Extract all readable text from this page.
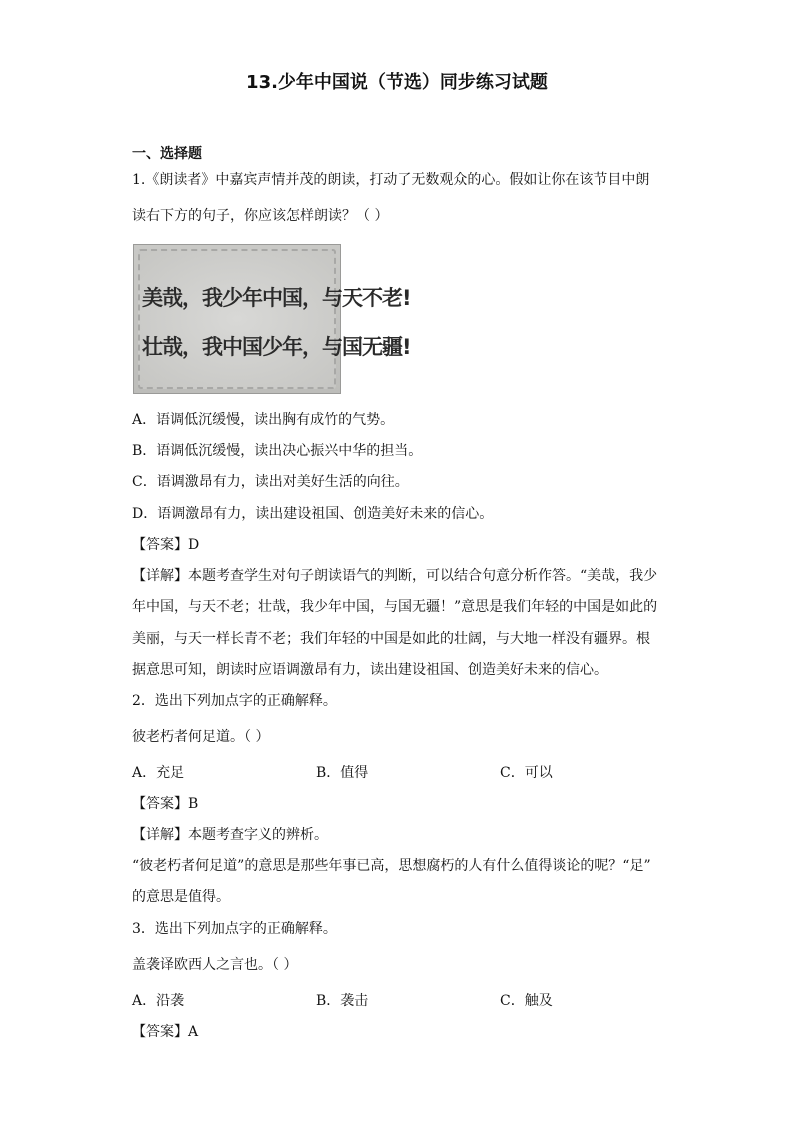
13.少年中国说（节选）同步练习试题
一、选择题
1.《朗读者》中嘉宾声情并茂的朗读，打动了无数观众的心。假如让你在该节目中朗
读右下方的句子，你应该怎样朗读？（ ）
美哉，我少年中国，与天不老!
壮哉，我中国少年，与国无疆!
A．语调低沉缓慢，读出胸有成竹的气势。
B．语调低沉缓慢，读出决心振兴中华的担当。
C．语调激昂有力，读出对美好生活的向往。
D．语调激昂有力，读出建设祖国、创造美好未来的信心。
【答案】D
【详解】本题考查学生对句子朗读语气的判断，可以结合句意分析作答。“美哉，我少
年中国，与天不老；壮哉，我少年中国，与国无疆！”意思是我们年轻的中国是如此的
美丽，与天一样长青不老；我们年轻的中国是如此的壮阔，与大地一样没有疆界。根
据意思可知，朗读时应语调激昂有力，读出建设祖国、创造美好未来的信心。
2．选出下列加点字的正确解释。
彼老朽者何足道。（ ）
A．充足	B．值得	C．可以
【答案】B
【详解】本题考查字义的辨析。
“彼老朽者何足道”的意思是那些年事已高，思想腐朽的人有什么值得谈论的呢？“足”
的意思是值得。
3．选出下列加点字的正确解释。
盖袭译欧西人之言也。（ ）
A．沿袭	B．袭击	C．触及
【答案】A
